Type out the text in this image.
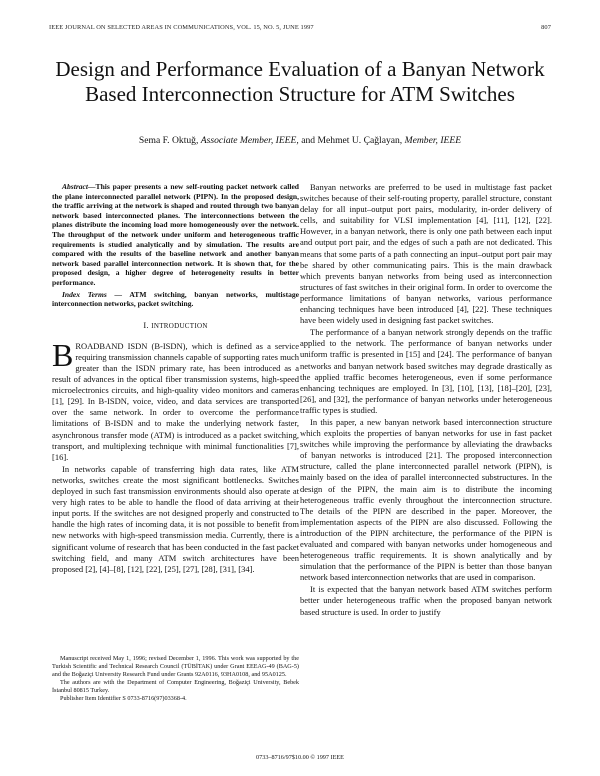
IEEE JOURNAL ON SELECTED AREAS IN COMMUNICATIONS, VOL. 15, NO. 5, JUNE 1997	807
Design and Performance Evaluation of a Banyan Network Based Interconnection Structure for ATM Switches
Sema F. Oktuğ, Associate Member, IEEE, and Mehmet U. Çağlayan, Member, IEEE

Abstract—This paper presents a new self-routing packet network called the plane interconnected parallel network (PIPN). In the proposed design, the traffic arriving at the network is shaped and routed through two banyan network based interconnected planes. The interconnections between the planes distribute the incoming load more homogeneously over the network. The throughput of the network under uniform and heterogeneous traffic requirements is studied analytically and by simulation. The results are compared with the results of the baseline network and another banyan network based parallel interconnection network. It is shown that, for the proposed design, a higher degree of heterogeneity results in better performance.

Index Terms — ATM switching, banyan networks, multistage interconnection networks, packet switching.

I. INTRODUCTION

BROADBAND ISDN (B-ISDN), which is defined as a service requiring transmission channels capable of supporting rates much greater than the ISDN primary rate, has been introduced as a result of advances in the optical fiber transmission systems, high-speed microelectronics circuits, and high-quality video monitors and cameras [1], [29]. In B-ISDN, voice, video, and data services are transported over the same network. In order to overcome the performance limitations of B-ISDN and to make the underlying network faster, asynchronous transfer mode (ATM) is introduced as a packet switching, transport, and multiplexing technique with minimal functionalities [7], [16].

In networks capable of transferring high data rates, like ATM networks, switches create the most significant bottlenecks. Switches deployed in such fast transmission environments should also operate at very high rates to be able to handle the flood of data arriving at their input ports. If the switches are not designed properly and constructed to handle the high rates of incoming data, it is not possible to benefit from new networks with high-speed transmission media. Currently, there is a significant volume of research that has been conducted in the fast packet switching field, and many ATM switch architectures have been proposed [2], [4]–[8], [12], [22], [25], [27], [28], [31], [34].

Manuscript received May 1, 1996; revised December 1, 1996. This work was supported by the Turkish Scientific and Technical Research Council (TÜBİTAK) under Grant EEEAG-49 (BAG-5) and the Boğaziçi University Research Fund under Grants 92A0116, 93HA0108, and 95A0125.

The authors are with the Department of Computer Engineering, Boğaziçi University, Bebek İstanbul 80815 Turkey.

Publisher Item Identifier S 0733-8716(97)03368-4.

Banyan networks are preferred to be used in multistage fast packet switches because of their self-routing property, parallel structure, constant delay for all input–output port pairs, modularity, in-order delivery of cells, and suitability for VLSI implementation [4], [11], [12], [22]. However, in a banyan network, there is only one path between each input and output port pair, and the edges of such a path are not dedicated. This means that some parts of a path connecting an input–output port pair may be shared by other communicating pairs. This is the main drawback which prevents banyan networks from being used as interconnection structures of fast switches in their original form. In order to overcome the performance limitations of banyan networks, various performance enhancing techniques have been introduced [4], [22]. These techniques have been widely used in designing fast packet switches.

The performance of a banyan network strongly depends on the traffic applied to the network. The performance of banyan networks under uniform traffic is presented in [15] and [24]. The performance of banyan networks and banyan network based switches may degrade drastically as the applied traffic becomes heterogeneous, even if some performance enhancing techniques are employed. In [3], [10], [13], [18]–[20], [23], [26], and [32], the performance of banyan networks under heterogeneous traffic types is studied.

In this paper, a new banyan network based interconnection structure which exploits the properties of banyan networks for use in fast packet switches while improving the performance by alleviating the drawbacks of banyan networks is introduced [21]. The proposed interconnection structure, called the plane interconnected parallel network (PIPN), is mainly based on the idea of parallel interconnected substructures. In the design of the PIPN, the main aim is to distribute the incoming heterogeneous traffic evenly throughout the interconnection structure. The details of the PIPN are described in the paper. Moreover, the implementation aspects of the PIPN are also discussed. Following the introduction of the PIPN architecture, the performance of the PIPN is evaluated and compared with banyan networks under homogeneous and heterogeneous traffic requirements. It is shown analytically and by simulation that the performance of the PIPN is better than those banyan network based interconnection networks that are used in comparison.

It is expected that the banyan network based ATM switches perform better under heterogeneous traffic when the proposed banyan network based structure is used. In order to justify

0733–8716/97$10.00 © 1997 IEEE
